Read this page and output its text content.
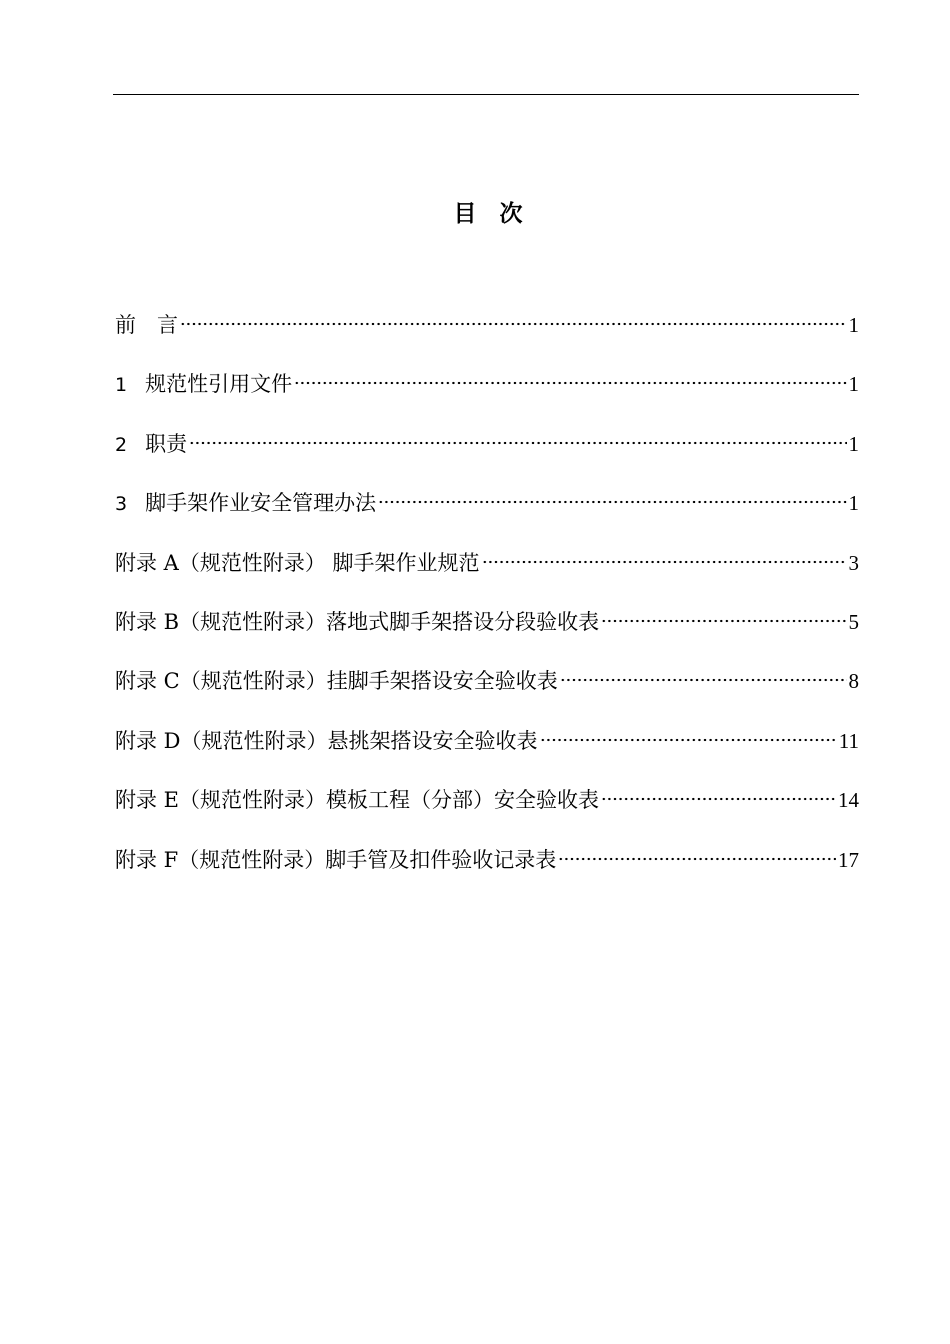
目　次
前　言	1
1 规范性引用文件	1
2 职责	1
3 脚手架作业安全管理办法	1
附录 A（规范性附录） 脚手架作业规范	3
附录 B（规范性附录）落地式脚手架搭设分段验收表	5
附录 C（规范性附录）挂脚手架搭设安全验收表	8
附录 D（规范性附录）悬挑架搭设安全验收表	11
附录 E（规范性附录）模板工程（分部）安全验收表	14
附录 F（规范性附录）脚手管及扣件验收记录表	17
